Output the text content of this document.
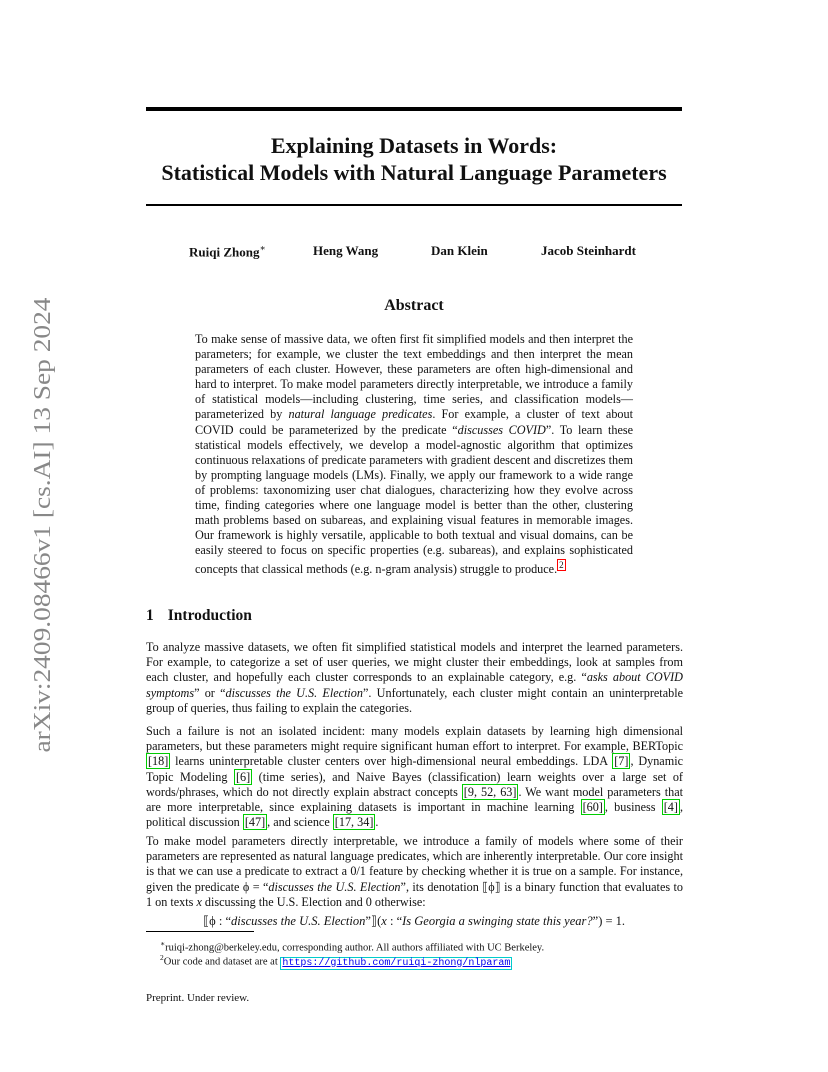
arXiv:2409.08466v1 [cs.AI] 13 Sep 2024
Explaining Datasets in Words:
Statistical Models with Natural Language Parameters
Ruiqi Zhong∗	Heng Wang	Dan Klein	Jacob Steinhardt
Abstract
To make sense of massive data, we often first fit simplified models and then interpret the parameters; for example, we cluster the text embeddings and then interpret the mean parameters of each cluster. However, these parameters are often high-dimensional and hard to interpret. To make model parameters directly interpretable, we introduce a family of statistical models—including clustering, time series, and classification models—parameterized by natural language predicates. For example, a cluster of text about COVID could be parameterized by the predicate “discusses COVID”. To learn these statistical models effectively, we develop a model-agnostic algorithm that optimizes continuous relaxations of predicate parameters with gradient descent and discretizes them by prompting language models (LMs). Finally, we apply our framework to a wide range of problems: taxonomizing user chat dialogues, characterizing how they evolve across time, finding categories where one language model is better than the other, clustering math problems based on subareas, and explaining visual features in memorable images. Our framework is highly versatile, applicable to both textual and visual domains, can be easily steered to focus on specific properties (e.g. subareas), and explains sophisticated concepts that classical methods (e.g. n-gram analysis) struggle to produce. $^2$
1 Introduction
To analyze massive datasets, we often fit simplified statistical models and interpret the learned parameters. For example, to categorize a set of user queries, we might cluster their embeddings, look at samples from each cluster, and hopefully each cluster corresponds to an explainable category, e.g. “asks about COVID symptoms” or “discusses the U.S. Election”. Unfortunately, each cluster might contain an uninterpretable group of queries, thus failing to explain the categories.
Such a failure is not an isolated incident: many models explain datasets by learning high dimensional parameters, but these parameters might require significant human effort to interpret. For example, BERTopic [18] learns uninterpretable cluster centers over high-dimensional neural embeddings. LDA [7] , Dynamic Topic Modeling [6] (time series), and Naive Bayes (classification) learn weights over a large set of words/phrases, which do not directly explain abstract concepts [9, 52, 63] . We want model parameters that are more interpretable, since explaining datasets is important in machine learning [60] , business [4] , political discussion [47] , and science [17, 34] .
To make model parameters directly interpretable, we introduce a family of models where some of their parameters are represented as natural language predicates, which are inherently interpretable. Our core insight is that we can use a predicate to extract a 0/1 feature by checking whether it is true on a sample. For instance, given the predicate ϕ = “discusses the U.S. Election”, its denotation ⟦ϕ⟧ is a binary function that evaluates to 1 on texts x discussing the U.S. Election and 0 otherwise:
⟦ϕ : “discusses the U.S. Election”⟧(x : “Is Georgia a swinging state this year?”) = 1.
∗ruiqi-zhong@berkeley.edu, corresponding author. All authors affiliated with UC Berkeley.
$^2$Our code and dataset are at https://github.com/ruiqi-zhong/nlparam
Preprint. Under review.
